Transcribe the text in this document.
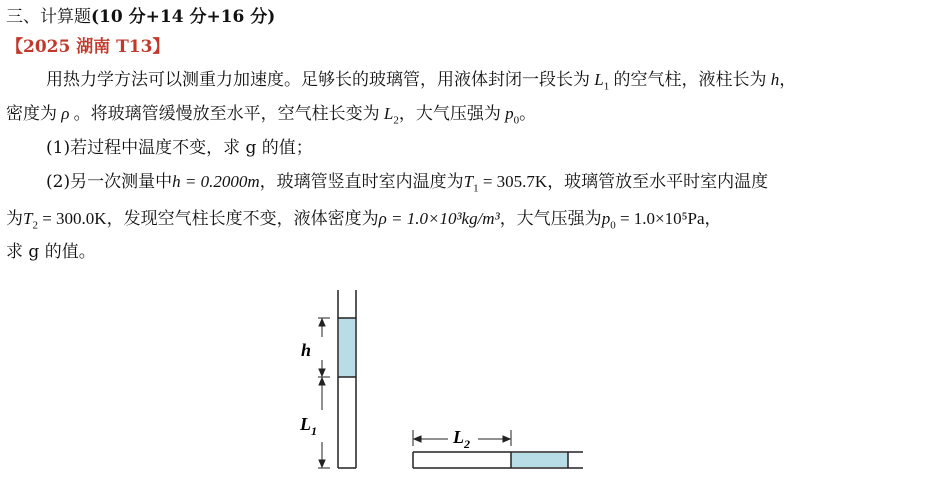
三、计算题(10 分+14 分+16 分)
【2025 湖南 T13】
用热力学方法可以测重力加速度。足够长的玻璃管，用液体封闭一段长为 $L_1$ 的空气柱，液柱长为 h，
密度为 ρ 。将玻璃管缓慢放至水平，空气柱长变为 $L_2$，大气压强为 $p_0$。
(1)若过程中温度不变，求 g 的值；
(2)另一次测量中h = 0.2000m，玻璃管竖直时室内温度为$T_1 = 305.7K$，玻璃管放至水平时室内温度
为$T_2 = 300.0K$，发现空气柱长度不变，液体密度为ρ = 1.0×10³kg/m³，大气压强为$p_0 = 1.0\times 10^5Pa$，
求 g 的值。
h
$L_1$	$L_2$
